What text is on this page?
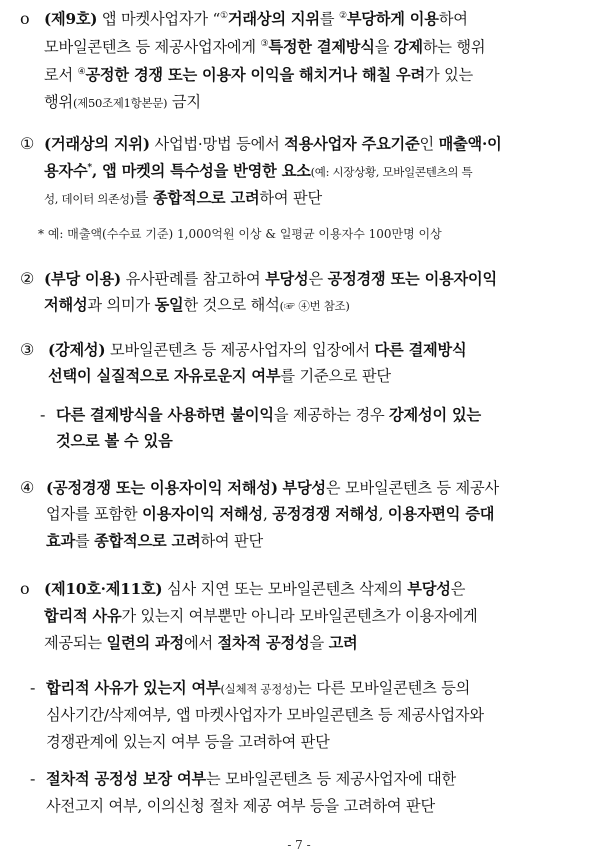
o (제9호) 앱 마켓사업자가 “①거래상의 지위를 ②부당하게 이용하여
모바일콘텐츠 등 제공사업자에게 ③특정한 결제방식을 강제하는 행위
로서 ④공정한 경쟁 또는 이용자 이익을 해치거나 해칠 우려가 있는
행위(제50조제1항본문) 금지
① (거래상의 지위) 사업법·망법 등에서 적용사업자 주요기준인 매출액·이
용자수*, 앱 마켓의 특수성을 반영한 요소(예: 시장상황, 모바일콘텐츠의 특
성, 데이터 의존성)를 종합적으로 고려하여 판단
* 예: 매출액(수수료 기준) 1,000억원 이상 & 일평균 이용자수 100만명 이상
② (부당 이용) 유사판례를 참고하여 부당성은 공정경쟁 또는 이용자이익
저해성과 의미가 동일한 것으로 해석(☞ ④번 참조)
③ (강제성) 모바일콘텐츠 등 제공사업자의 입장에서 다른 결제방식
선택이 실질적으로 자유로운지 여부를 기준으로 판단
- 다른 결제방식을 사용하면 불이익을 제공하는 경우 강제성이 있는
것으로 볼 수 있음
④ (공정경쟁 또는 이용자이익 저해성) 부당성은 모바일콘텐츠 등 제공사
업자를 포함한 이용자이익 저해성, 공정경쟁 저해성, 이용자편익 증대
효과를 종합적으로 고려하여 판단
o (제10호·제11호) 심사 지연 또는 모바일콘텐츠 삭제의 부당성은
합리적 사유가 있는지 여부뿐만 아니라 모바일콘텐츠가 이용자에게
제공되는 일련의 과정에서 절차적 공정성을 고려
- 합리적 사유가 있는지 여부(실체적 공정성)는 다른 모바일콘텐츠 등의
심사기간/삭제여부, 앱 마켓사업자가 모바일콘텐츠 등 제공사업자와
경쟁관계에 있는지 여부 등을 고려하여 판단
- 절차적 공정성 보장 여부는 모바일콘텐츠 등 제공사업자에 대한
사전고지 여부, 이의신청 절차 제공 여부 등을 고려하여 판단
- 7 -
